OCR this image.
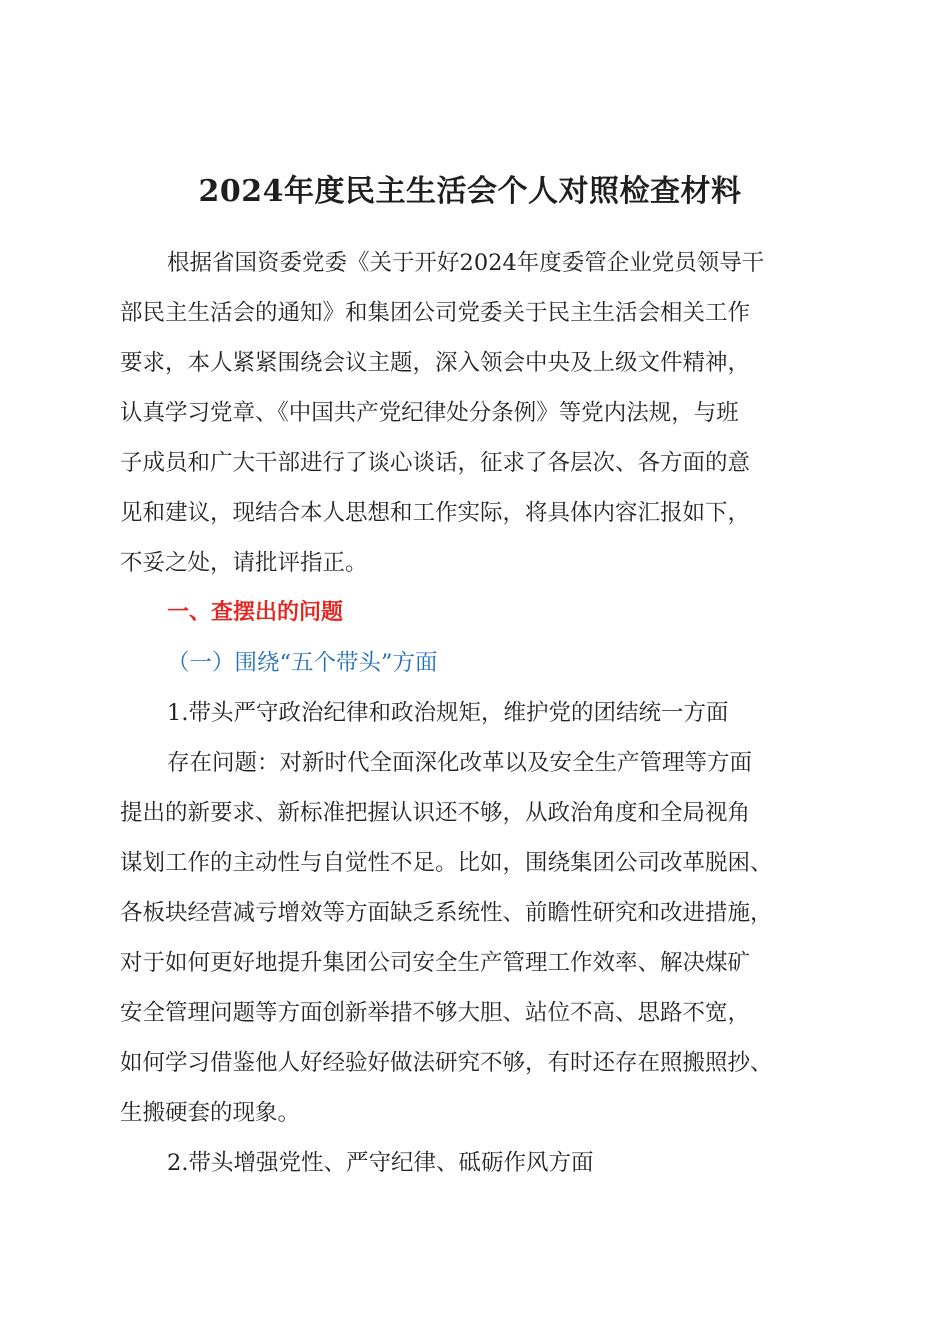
2024年度民主生活会个人对照检查材料
根据省国资委党委《关于开好2024年度委管企业党员领导干
部民主生活会的通知》和集团公司党委关于民主生活会相关工作
要求，本人紧紧围绕会议主题，深入领会中央及上级文件精神，
认真学习党章、《中国共产党纪律处分条例》等党内法规，与班
子成员和广大干部进行了谈心谈话，征求了各层次、各方面的意
见和建议，现结合本人思想和工作实际，将具体内容汇报如下，
不妥之处，请批评指正。
一、查摆出的问题
（一）围绕“五个带头”方面
1.带头严守政治纪律和政治规矩，维护党的团结统一方面
存在问题：对新时代全面深化改革以及安全生产管理等方面
提出的新要求、新标准把握认识还不够，从政治角度和全局视角
谋划工作的主动性与自觉性不足。比如，围绕集团公司改革脱困、
各板块经营减亏增效等方面缺乏系统性、前瞻性研究和改进措施，
对于如何更好地提升集团公司安全生产管理工作效率、解决煤矿
安全管理问题等方面创新举措不够大胆、站位不高、思路不宽，
如何学习借鉴他人好经验好做法研究不够，有时还存在照搬照抄、
生搬硬套的现象。
2.带头增强党性、严守纪律、砥砺作风方面
